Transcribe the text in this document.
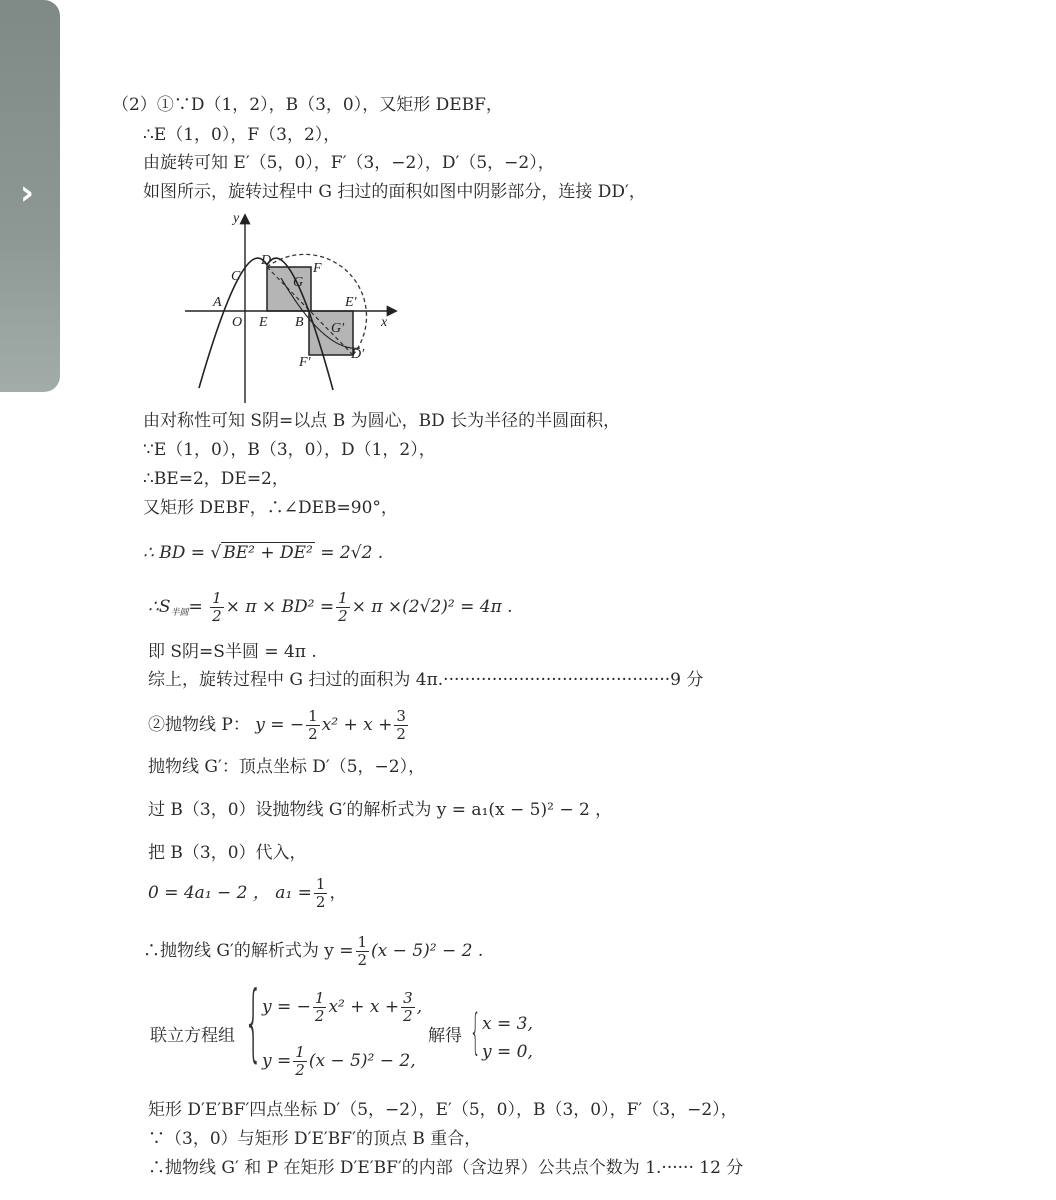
›
（2）①∵D（1，2），B（3，0），又矩形 DEBF，
∴E（1，0），F（3，2），
由旋转可知 E′（5，0），F′（3，−2），D′（5，−2），
如图所示，旋转过程中 G 扫过的面积如图中阴影部分，连接 DD′，
y
x
O
A
C
D
F
G
E B
E′
G′
F′
D′
由对称性可知 S阴=以点 B 为圆心，BD 长为半径的半圆面积，
∵E（1，0），B（3，0），D（1，2），
∴BE=2，DE=2，
又矩形 DEBF，∴∠DEB=90°，
∴ BD = √ BE² + DE² = 2√2 .
$\therefore S_{半圆}= \frac{1}{2} \times \pi \times BD^2 = \frac{1}{2} \times \pi \times(2√2)^2 = 4\pi$ .
即 S阴=S半圆 = 4π .
综上，旋转过程中 G 扫过的面积为 4π.··········································9 分
②抛物线 P： y = − $\frac{1}{2} x^2 + x + \frac{3}{2}$
抛物线 G′：顶点坐标 D′（5，−2），
过 B（3，0）设抛物线 G′的解析式为 y = a₁(x − 5)² − 2 ，
把 B（3，0）代入，
0 = 4a₁ − 2 ， $a_1 = \frac{1}{2}$ ，
∴抛物线 G′的解析式为 $y = \frac{1}{2} (x - 5)^2 - 2$ .
联立方程组 { y = − $\frac{1}{2} x^2 + x + \frac{3}{2}$ ,
$y = \frac{1}{2} (x - 5)^2 - 2$,
解得 { x = 3,
y = 0,
矩形 D′E′BF′四点坐标 D′（5，−2），E′（5，0），B（3，0），F′（3，−2），
∵（3，0）与矩形 D′E′BF′的顶点 B 重合，
∴抛物线 G′ 和 P 在矩形 D′E′BF′的内部（含边界）公共点个数为 1.······ 12 分
